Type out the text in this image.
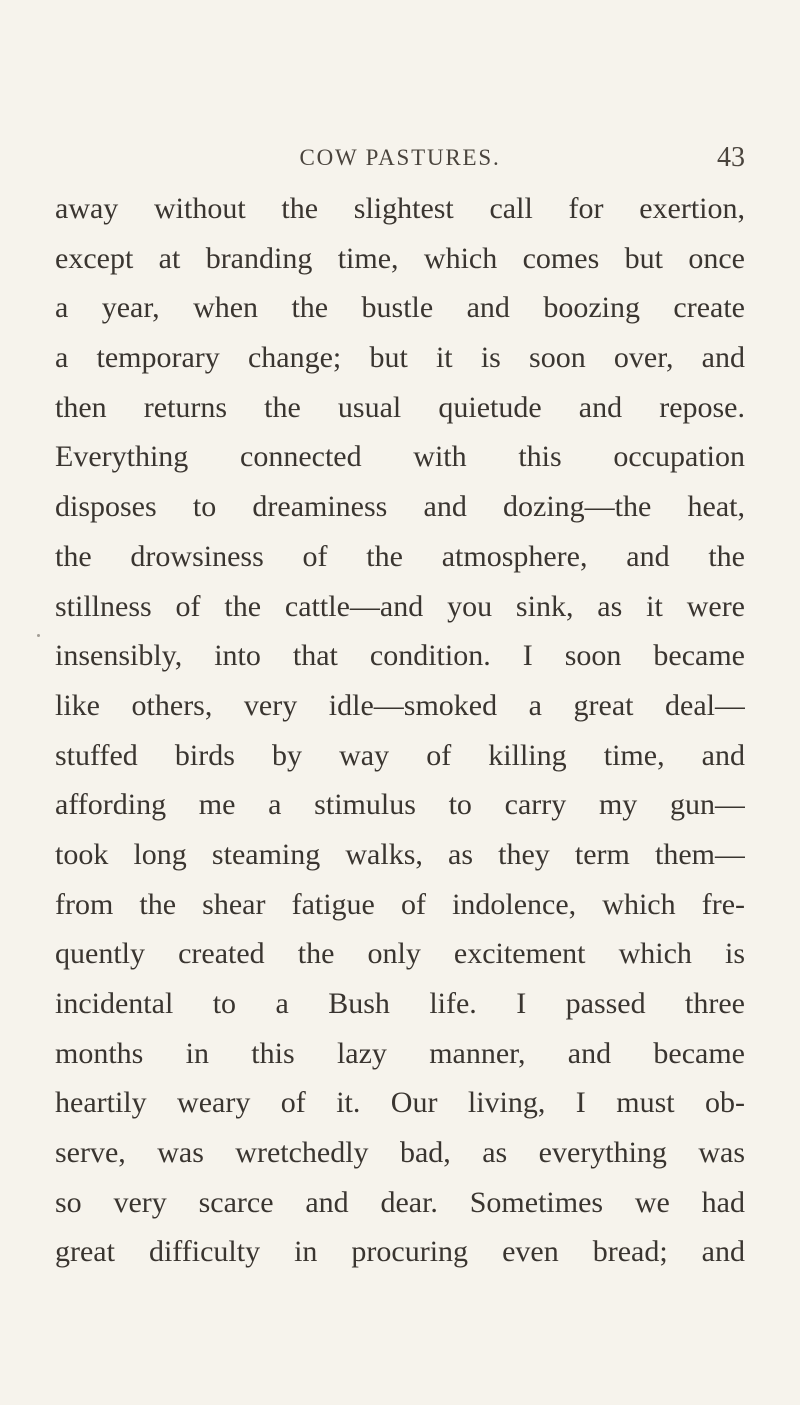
COW PASTURES.	43
away without the slightest call for exertion,
except at branding time, which comes but once
a year, when the bustle and boozing create
a temporary change; but it is soon over, and
then returns the usual quietude and repose.
Everything connected with this occupation
disposes to dreaminess and dozing—the heat,
the drowsiness of the atmosphere, and the
stillness of the cattle—and you sink, as it were
insensibly, into that condition. I soon became
like others, very idle—smoked a great deal—
stuffed birds by way of killing time, and
affording me a stimulus to carry my gun—
took long steaming walks, as they term them—
from the shear fatigue of indolence, which fre-
quently created the only excitement which is
incidental to a Bush life. I passed three
months in this lazy manner, and became
heartily weary of it. Our living, I must ob-
serve, was wretchedly bad, as everything was
so very scarce and dear. Sometimes we had
great difficulty in procuring even bread; and
